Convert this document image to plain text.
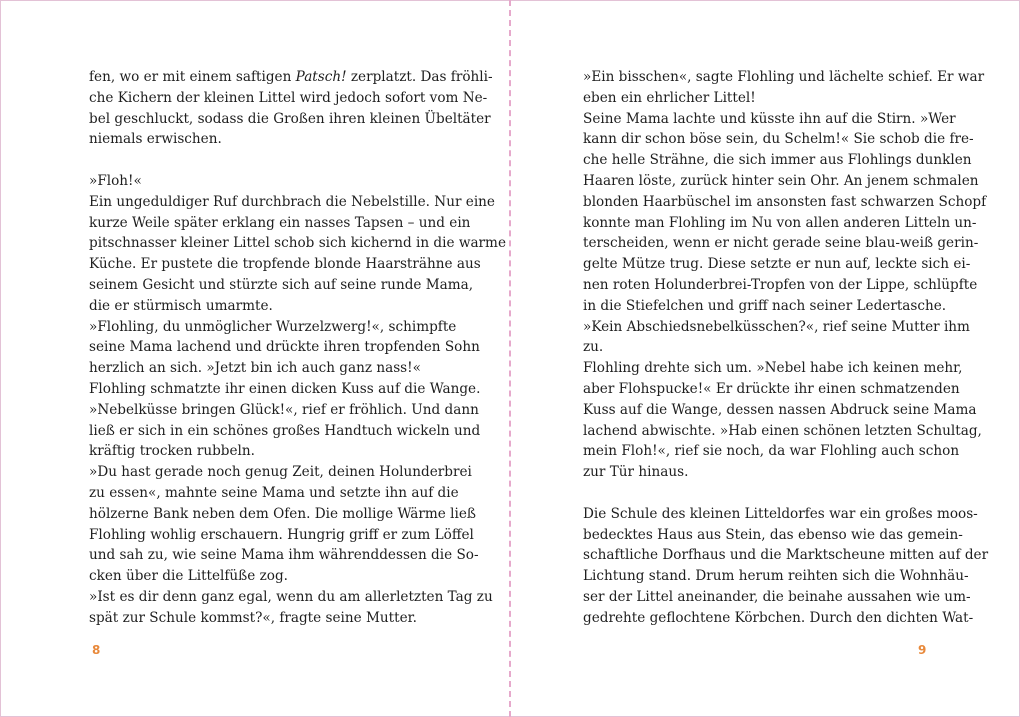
fen, wo er mit einem saftigen Patsch! zerplatzt. Das fröhli-
che Kichern der kleinen Littel wird jedoch sofort vom Ne-
bel geschluckt, sodass die Großen ihren kleinen Übeltäter
niemals erwischen.
»Floh!«
Ein ungeduldiger Ruf durchbrach die Nebelstille. Nur eine
kurze Weile später erklang ein nasses Tapsen – und ein
pitschnasser kleiner Littel schob sich kichernd in die warme
Küche. Er pustete die tropfende blonde Haarsträhne aus
seinem Gesicht und stürzte sich auf seine runde Mama,
die er stürmisch umarmte.
»Flohling, du unmöglicher Wurzelzwerg!«, schimpfte
seine Mama lachend und drückte ihren tropfenden Sohn
herzlich an sich. »Jetzt bin ich auch ganz nass!«
Flohling schmatzte ihr einen dicken Kuss auf die Wange.
»Nebelküsse bringen Glück!«, rief er fröhlich. Und dann
ließ er sich in ein schönes großes Handtuch wickeln und
kräftig trocken rubbeln.
»Du hast gerade noch genug Zeit, deinen Holunderbrei
zu essen«, mahnte seine Mama und setzte ihn auf die
hölzerne Bank neben dem Ofen. Die mollige Wärme ließ
Flohling wohlig erschauern. Hungrig griff er zum Löffel
und sah zu, wie seine Mama ihm währenddessen die So-
cken über die Littelfüße zog.
»Ist es dir denn ganz egal, wenn du am allerletzten Tag zu
spät zur Schule kommst?«, fragte seine Mutter.
»Ein bisschen«, sagte Flohling und lächelte schief. Er war
eben ein ehrlicher Littel!
Seine Mama lachte und küsste ihn auf die Stirn. »Wer
kann dir schon böse sein, du Schelm!« Sie schob die fre-
che helle Strähne, die sich immer aus Flohlings dunklen
Haaren löste, zurück hinter sein Ohr. An jenem schmalen
blonden Haarbüschel im ansonsten fast schwarzen Schopf
konnte man Flohling im Nu von allen anderen Litteln un-
terscheiden, wenn er nicht gerade seine blau-weiß gerin-
gelte Mütze trug. Diese setzte er nun auf, leckte sich ei-
nen roten Holunderbrei-Tropfen von der Lippe, schlüpfte
in die Stiefelchen und griff nach seiner Ledertasche.
»Kein Abschiedsnebelküsschen?«, rief seine Mutter ihm
zu.
Flohling drehte sich um. »Nebel habe ich keinen mehr,
aber Flohspucke!« Er drückte ihr einen schmatzenden
Kuss auf die Wange, dessen nassen Abdruck seine Mama
lachend abwischte. »Hab einen schönen letzten Schultag,
mein Floh!«, rief sie noch, da war Flohling auch schon
zur Tür hinaus.
Die Schule des kleinen Litteldorfes war ein großes moos-
bedecktes Haus aus Stein, das ebenso wie das gemein-
schaftliche Dorfhaus und die Marktscheune mitten auf der
Lichtung stand. Drum herum reihten sich die Wohnhäu-
ser der Littel aneinander, die beinahe aussahen wie um-
gedrehte geflochtene Körbchen. Durch den dichten Wat-
8	9
